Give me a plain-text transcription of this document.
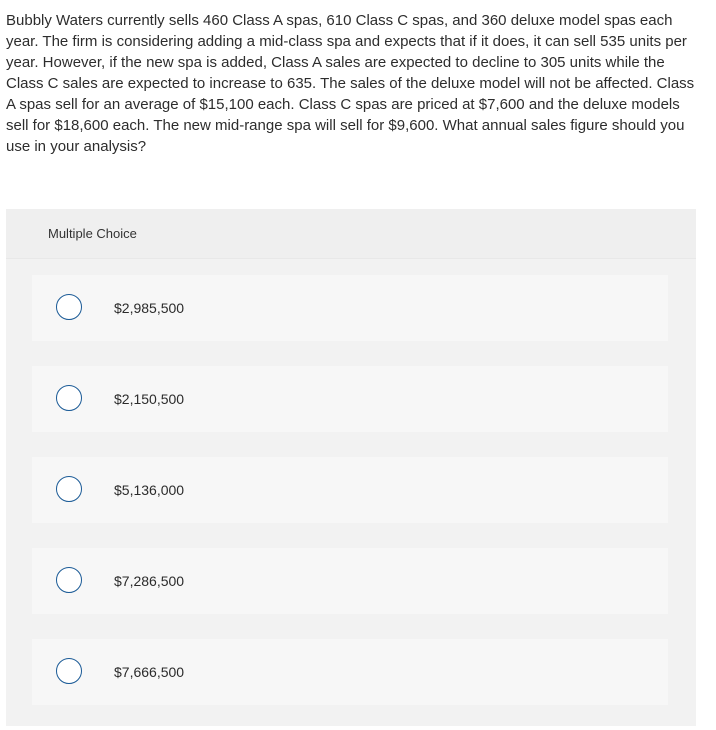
Bubbly Waters currently sells 460 Class A spas, 610 Class C spas, and 360 deluxe model spas each year. The firm is considering adding a mid-class spa and expects that if it does, it can sell 535 units per year. However, if the new spa is added, Class A sales are expected to decline to 305 units while the Class C sales are expected to increase to 635. The sales of the deluxe model will not be affected. Class A spas sell for an average of $15,100 each. Class C spas are priced at $7,600 and the deluxe models sell for $18,600 each. The new mid-range spa will sell for $9,600. What annual sales figure should you use in your analysis?

Multiple Choice
$2,985,500
$2,150,500
$5,136,000
$7,286,500
$7,666,500
